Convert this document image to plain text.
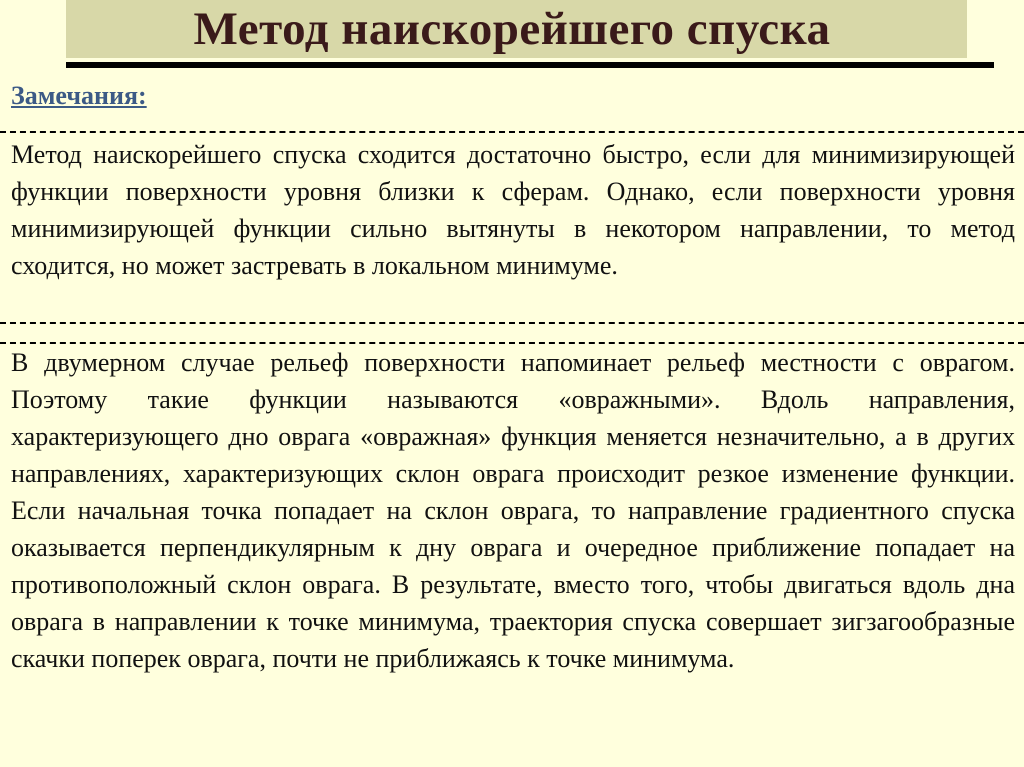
Метод наискорейшего спуска
Замечания:

Метод наискорейшего спуска сходится достаточно быстро, если для минимизирующей функции поверхности уровня близки к сферам. Однако, если поверхности уровня минимизирующей функции сильно вытянуты в некотором направлении, то метод сходится, но может застревать в локальном минимуме.

В двумерном случае рельеф поверхности напоминает рельеф местности с оврагом. Поэтому такие функции называются «овражными». Вдоль направления, характеризующего дно оврага «овражная» функция меняется незначительно, а в других направлениях, характеризующих склон оврага происходит резкое изменение функции. Если начальная точка попадает на склон оврага, то направление градиентного спуска оказывается перпендикулярным к дну оврага и очередное приближение попадает на противоположный склон оврага. В результате, вместо того, чтобы двигаться вдоль дна оврага в направлении к точке минимума, траектория спуска совершает зигзагообразные скачки поперек оврага, почти не приближаясь к точке минимума.
